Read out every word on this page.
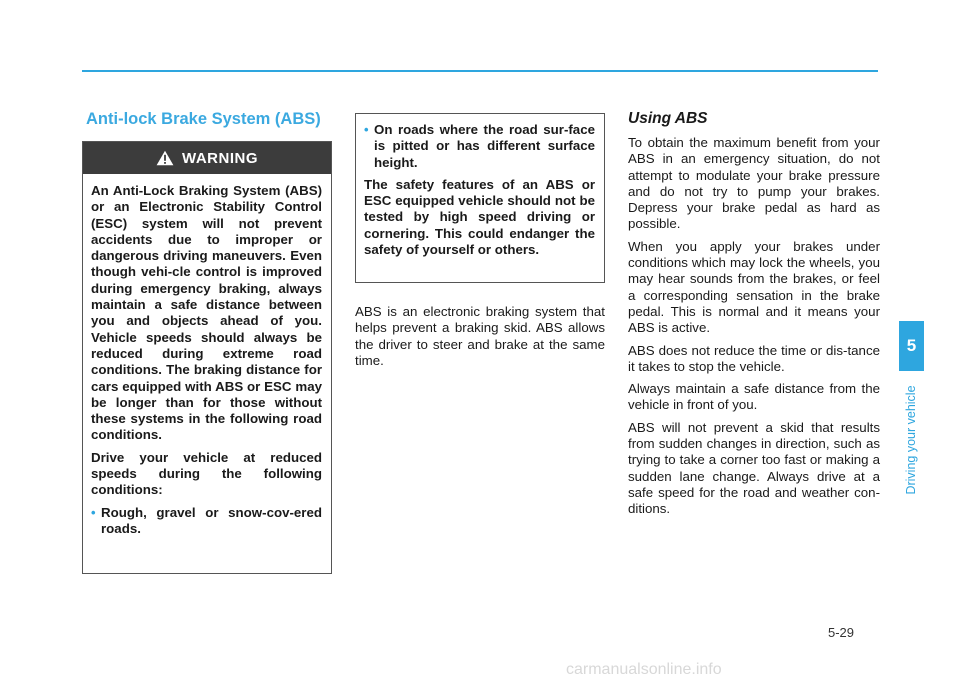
Anti-lock Brake System (ABS)
WARNING

An Anti-Lock Braking System (ABS) or an Electronic Stability Control (ESC) system will not prevent accidents due to improper or dangerous driving maneuvers. Even though vehi-cle control is improved during emergency braking, always maintain a safe distance between you and objects ahead of you. Vehicle speeds should always be reduced during extreme road conditions. The braking distance for cars equipped with ABS or ESC may be longer than for those without these systems in the following road conditions.

Drive your vehicle at reduced speeds during the following conditions:

• Rough, gravel or snow-cov-ered roads.
• On roads where the road sur-face is pitted or has different surface height.

The safety features of an ABS or ESC equipped vehicle should not be tested by high speed driving or cornering. This could endanger the safety of yourself or others.

ABS is an electronic braking system that helps prevent a braking skid. ABS allows the driver to steer and brake at the same time.

Using ABS

To obtain the maximum benefit from your ABS in an emergency situation, do not attempt to modulate your brake pressure and do not try to pump your brakes. Depress your brake pedal as hard as possible.

When you apply your brakes under conditions which may lock the wheels, you may hear sounds from the brakes, or feel a corresponding sensation in the brake pedal. This is normal and it means your ABS is active.

ABS does not reduce the time or dis-tance it takes to stop the vehicle.

Always maintain a safe distance from the vehicle in front of you.

ABS will not prevent a skid that results from sudden changes in direction, such as trying to take a corner too fast or making a sudden lane change. Always drive at a safe speed for the road and weather con-ditions.

5
Driving your vehicle
5-29
carmanualsonline.info
